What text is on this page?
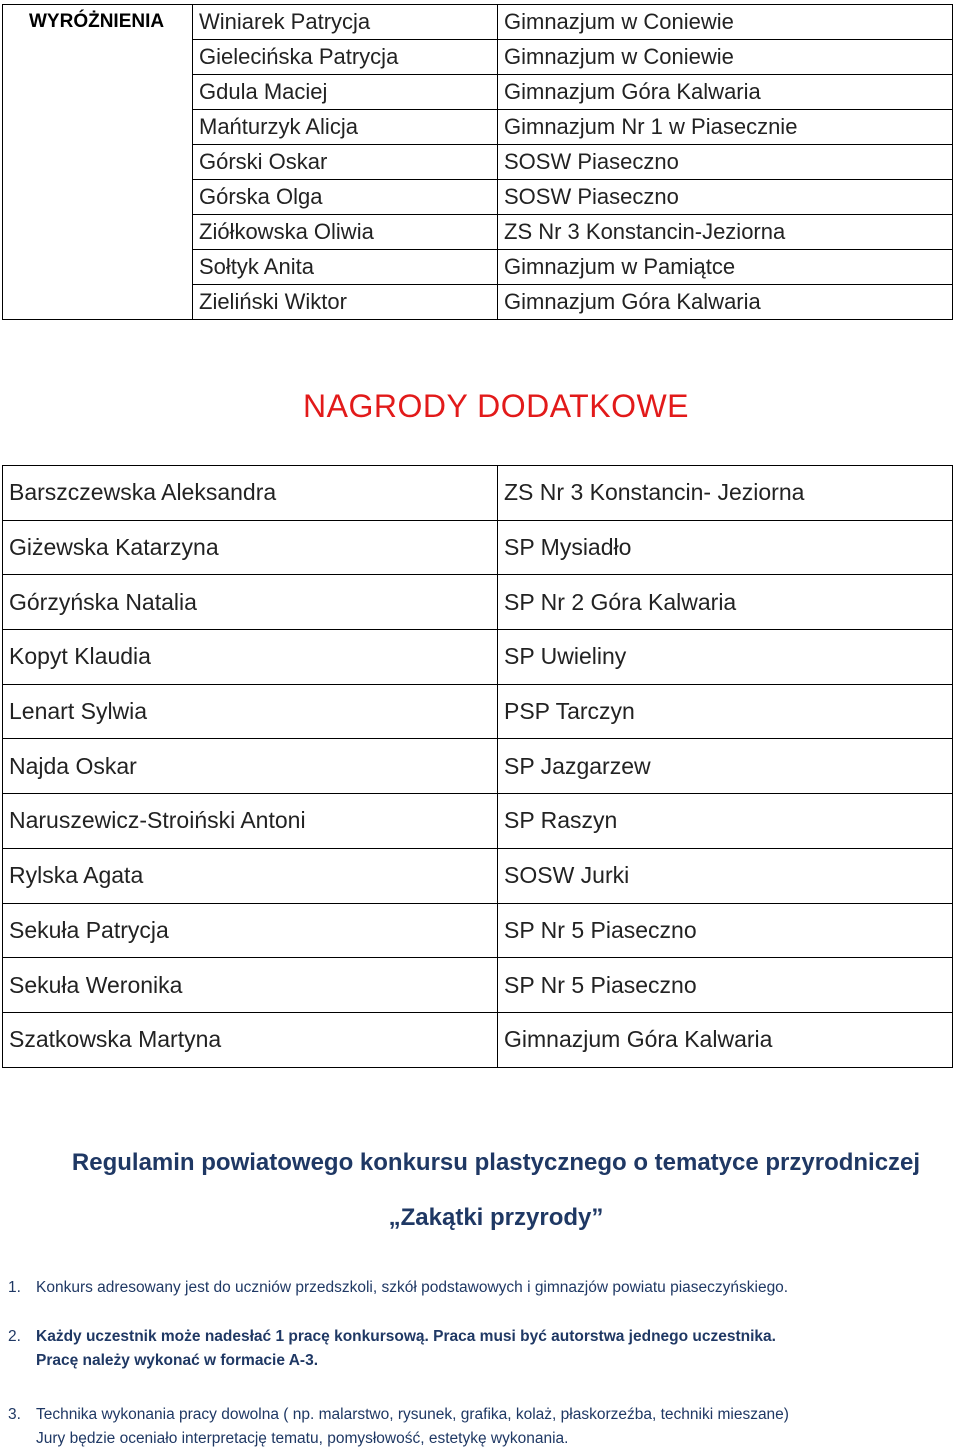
WYRÓŻNIENIA	Winiarek Patrycja	Gimnazjum w Coniewie
	Gielecińska Patrycja	Gimnazjum w Coniewie
	Gdula Maciej	Gimnazjum Góra Kalwaria
	Mańturzyk Alicja	Gimnazjum Nr 1 w Piasecznie
	Górski Oskar	SOSW Piaseczno
	Górska Olga	SOSW Piaseczno
	Ziółkowska Oliwia	ZS Nr 3 Konstancin-Jeziorna
	Sołtyk Anita	Gimnazjum w Pamiątce
	Zieliński Wiktor	Gimnazjum Góra Kalwaria
NAGRODY DODATKOWE
Barszczewska Aleksandra	ZS Nr 3 Konstancin- Jeziorna
Giżewska Katarzyna	SP Mysiadło
Górzyńska Natalia	SP Nr 2 Góra Kalwaria
Kopyt Klaudia	SP Uwieliny
Lenart Sylwia	PSP Tarczyn
Najda Oskar	SP Jazgarzew
Naruszewicz-Stroiński Antoni	SP Raszyn
Rylska Agata	SOSW Jurki
Sekuła Patrycja	SP Nr 5 Piaseczno
Sekuła Weronika	SP Nr 5 Piaseczno
Szatkowska Martyna	Gimnazjum Góra Kalwaria
Regulamin powiatowego konkursu plastycznego o tematyce przyrodniczej
„Zakątki przyrody”
1. Konkurs adresowany jest do uczniów przedszkoli, szkół podstawowych i gimnazjów powiatu piaseczyńskiego.
2. Każdy uczestnik może nadesłać 1 pracę konkursową. Praca musi być autorstwa jednego uczestnika.
Pracę należy wykonać w formacie A-3.
3. Technika wykonania pracy dowolna ( np. malarstwo, rysunek, grafika, kolaż, płaskorzeźba, techniki mieszane)
Jury będzie oceniało interpretację tematu, pomysłowość, estetykę wykonania.
